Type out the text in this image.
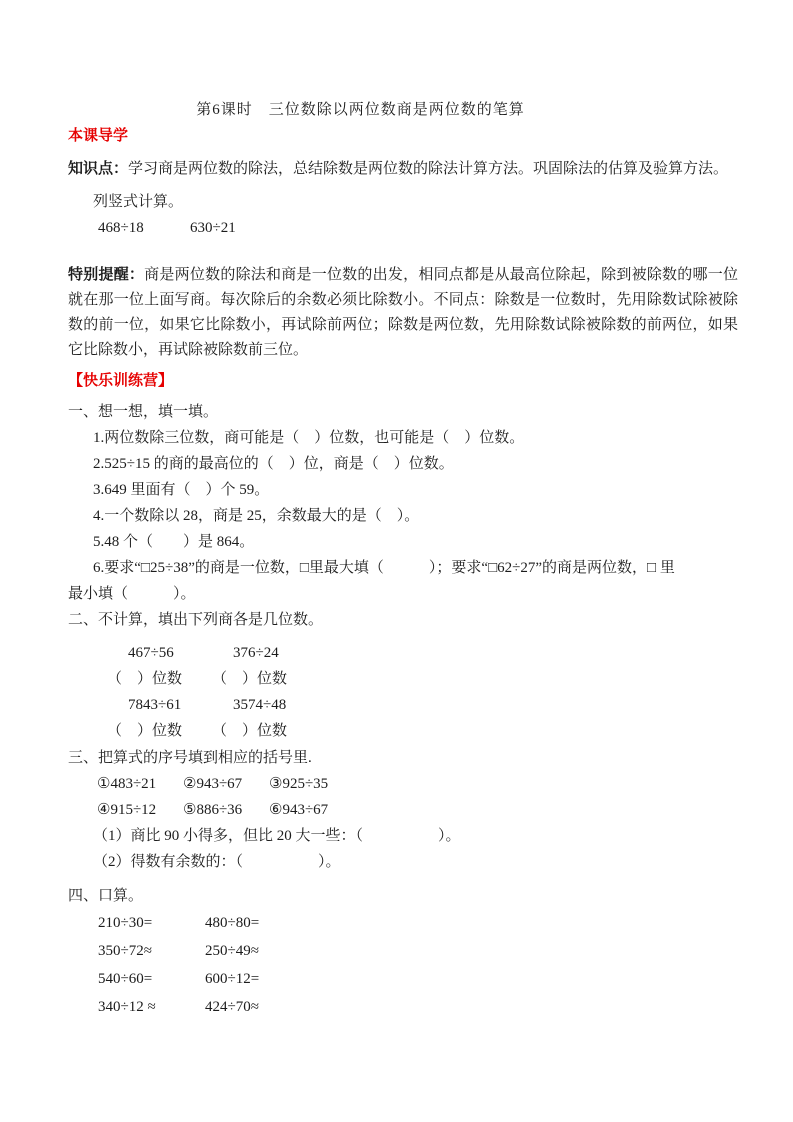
第6课时　三位数除以两位数商是两位数的笔算

本课导学

知识点：学习商是两位数的除法，总结除数是两位数的除法计算方法。巩固除法的估算及验算方法。

列竖式计算。

468÷18	630÷21

特别提醒：商是两位数的除法和商是一位数的出发，相同点都是从最高位除起，除到被除数的哪一位就在那一位上面写商。每次除后的余数必须比除数小。不同点：除数是一位数时，先用除数试除被除数的前一位，如果它比除数小，再试除前两位；除数是两位数，先用除数试除被除数的前两位，如果它比除数小，再试除被除数前三位。

【快乐训练营】

一、想一想，填一填。

1.两位数除三位数，商可能是（　）位数，也可能是（　）位数。

2.525÷15 的商的最高位的（　）位，商是（　）位数。

3.649 里面有（　）个 59。

4.一个数除以 28，商是 25，余数最大的是（　）。

5.48 个（　　）是 864。

6.要求“□25÷38”的商是一位数，□里最大填（　　　）；要求“□62÷27”的商是两位数，□ 里

最小填（　　　）。

二、不计算，填出下列商各是几位数。

467÷56	376÷24

（　）位数 （　）位数

7843÷61	3574÷48

（　）位数 （　）位数

三、把算式的序号填到相应的括号里.

①483÷21 ②943÷67 ③925÷35

④915÷12 ⑤886÷36 ⑥943÷67

（1）商比 90 小得多，但比 20 大一些：（　　　　　）。

（2）得数有余数的：（　　　　　）。

四、口算。

210÷30=	480÷80=

350÷72≈	250÷49≈

540÷60=	600÷12=

340÷12 ≈	424÷70≈
